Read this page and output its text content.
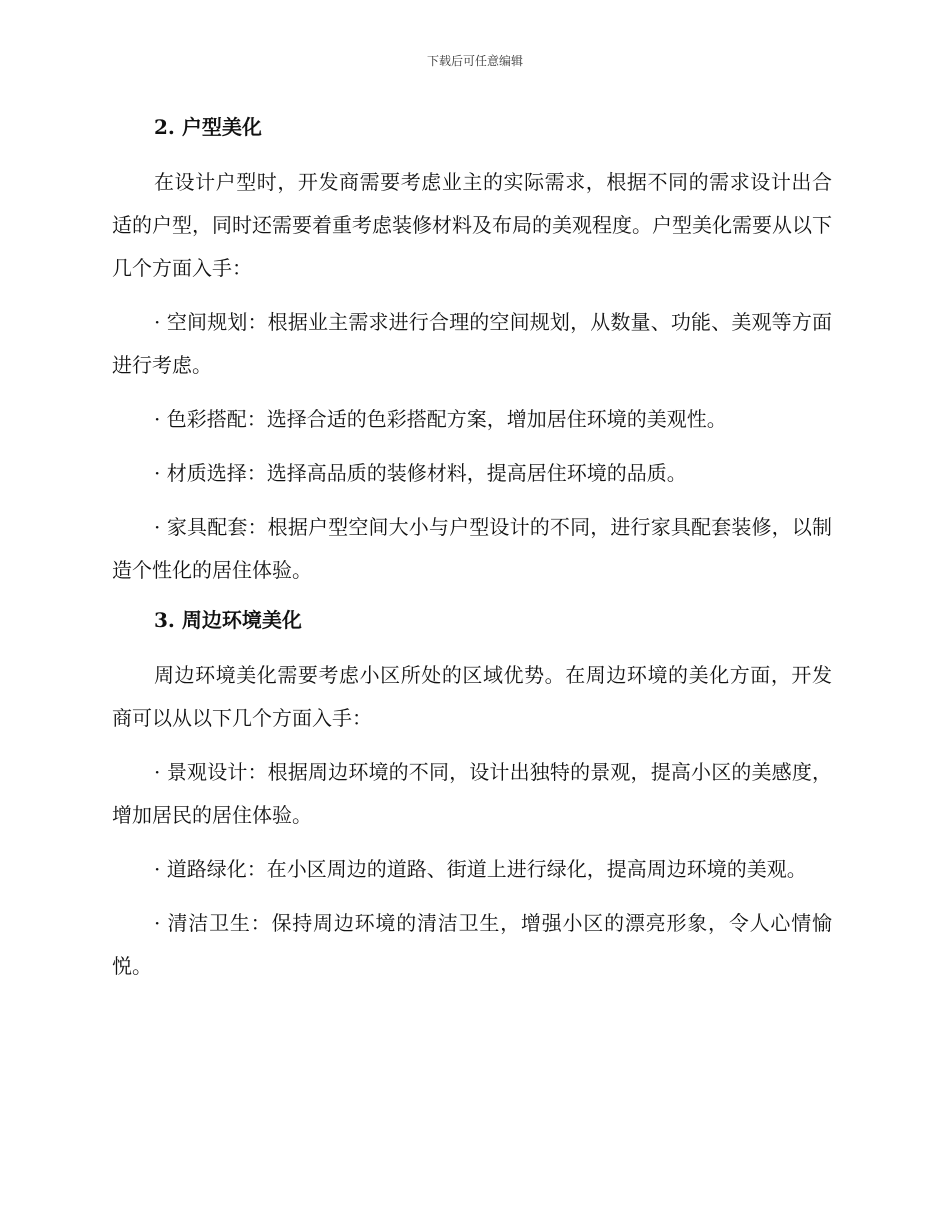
下载后可任意编辑
2. 户型美化
在设计户型时，开发商需要考虑业主的实际需求，根据不同的需求设计出合适的户型，同时还需要着重考虑装修材料及布局的美观程度。户型美化需要从以下几个方面入手：
· 空间规划：根据业主需求进行合理的空间规划，从数量、功能、美观等方面进行考虑。
· 色彩搭配：选择合适的色彩搭配方案，增加居住环境的美观性。
· 材质选择：选择高品质的装修材料，提高居住环境的品质。
· 家具配套：根据户型空间大小与户型设计的不同，进行家具配套装修，以制造个性化的居住体验。
3. 周边环境美化
周边环境美化需要考虑小区所处的区域优势。在周边环境的美化方面，开发商可以从以下几个方面入手：
· 景观设计：根据周边环境的不同，设计出独特的景观，提高小区的美感度，增加居民的居住体验。
· 道路绿化：在小区周边的道路、街道上进行绿化，提高周边环境的美观。
· 清洁卫生：保持周边环境的清洁卫生，增强小区的漂亮形象，令人心情愉悦。
